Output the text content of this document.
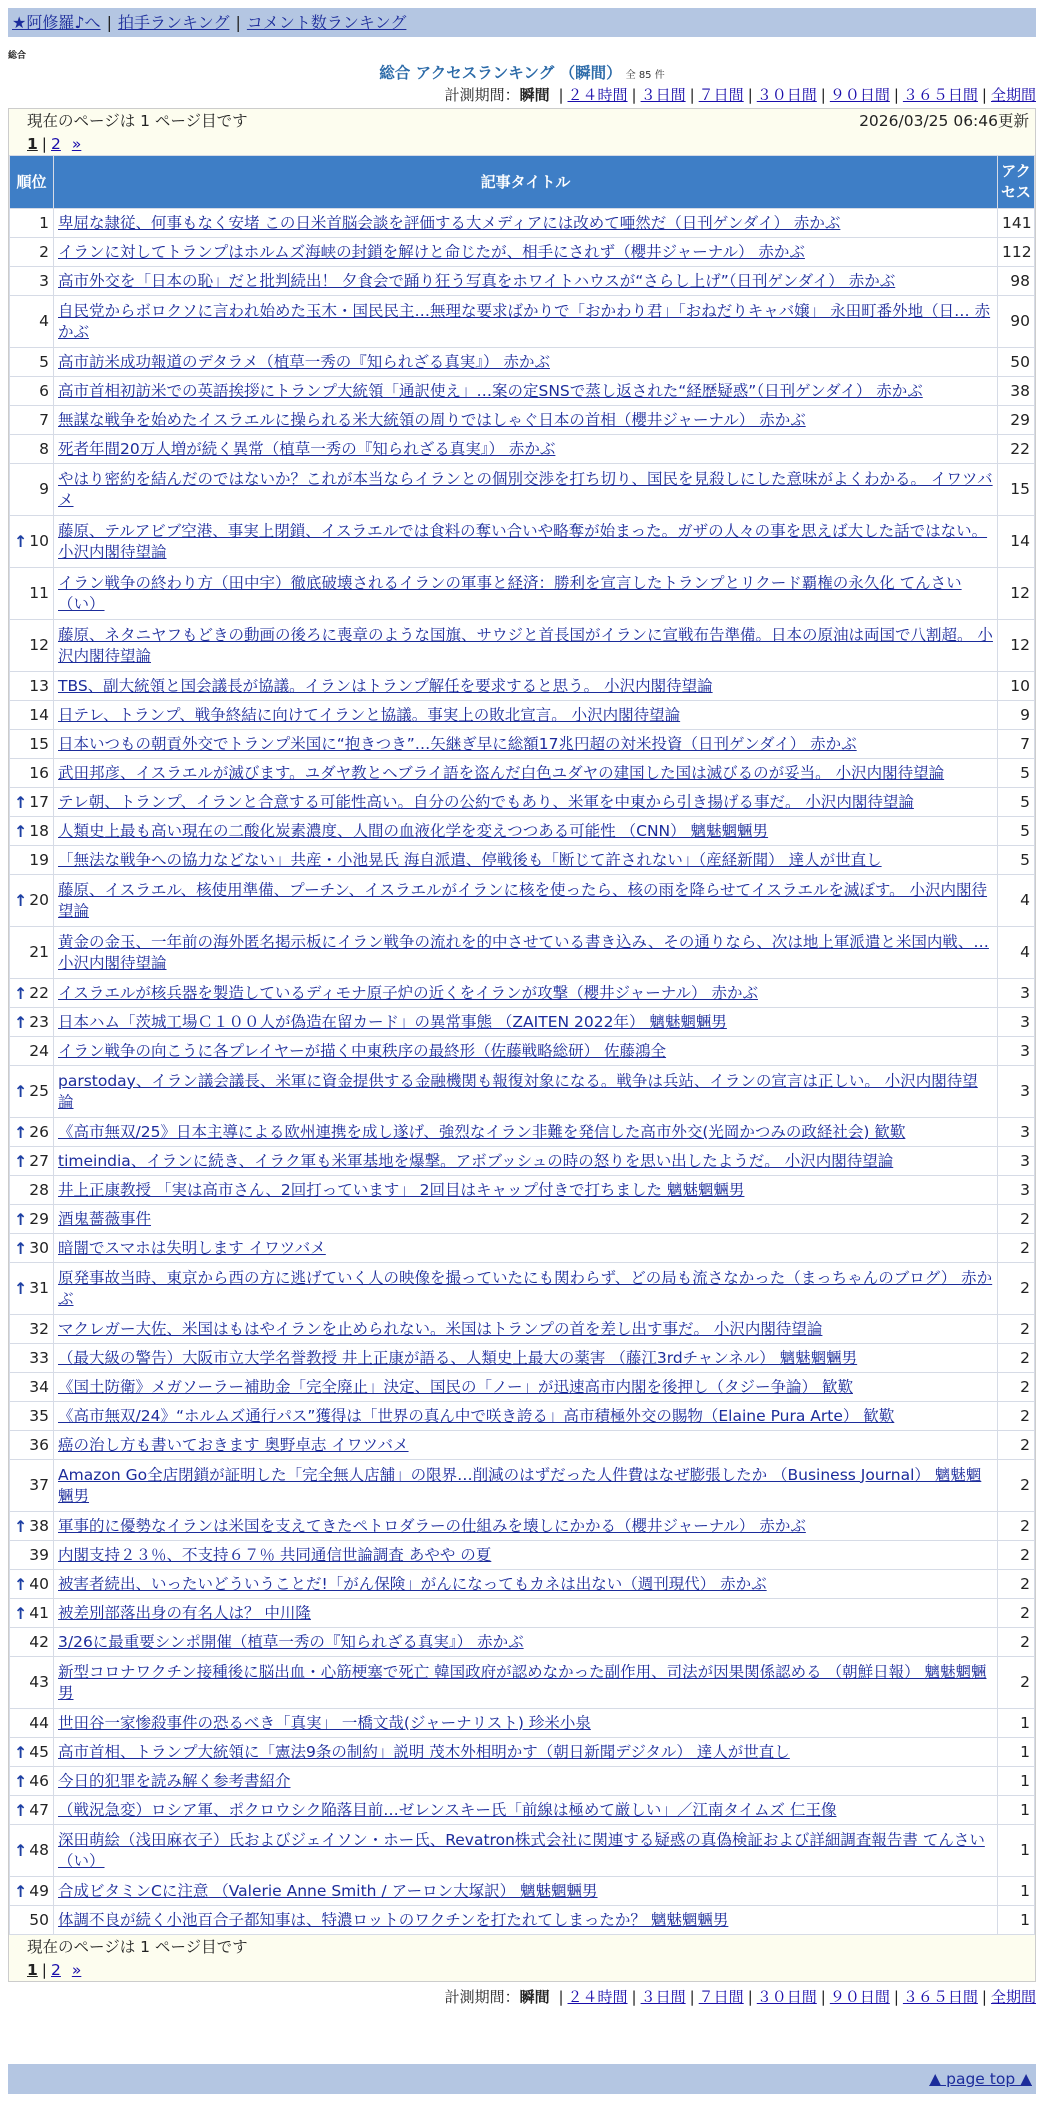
★阿修羅♪へ | 拍手ランキング | コメント数ランキング
総合
総合 アクセスランキング （瞬間） 全 85 件
計測期間：瞬間 | ２４時間 | ３日間 | ７日間 | ３０日間 | ９０日間 | ３６５日間 | 全期間
現在のページは 1 ページ目です	2026/03/25 06:46更新
1 | 2 »
順位	記事タイトル	アクセス
1	卑屈な隷従、何事もなく安堵 この日米首脳会談を評価する大メディアには改めて唖然だ（日刊ゲンダイ） 赤かぶ	141
2	イランに対してトランプはホルムズ海峡の封鎖を解けと命じたが、相手にされず（櫻井ジャーナル） 赤かぶ	112
3	高市外交を「日本の恥」だと批判続出！ 夕食会で踊り狂う写真をホワイトハウスが“さらし上げ”（日刊ゲンダイ） 赤かぶ	98
4	自民党からボロクソに言われ始めた玉木・国民民主…無理な要求ばかりで「おかわり君」「おねだりキャバ嬢」 永田町番外地（日… 赤かぶ	90
5	高市訪米成功報道のデタラメ（植草一秀の『知られざる真実』） 赤かぶ	50
6	高市首相初訪米での英語挨拶にトランプ大統領「通訳使え」…案の定SNSで蒸し返された“経歴疑惑”（日刊ゲンダイ） 赤かぶ	38
7	無謀な戦争を始めたイスラエルに操られる米大統領の周りではしゃぐ日本の首相（櫻井ジャーナル） 赤かぶ	29
8	死者年間20万人増が続く異常（植草一秀の『知られざる真実』） 赤かぶ	22
9	やはり密約を結んだのではないか？これが本当ならイランとの個別交渉を打ち切り、国民を見殺しにした意味がよくわかる。 イワツバメ	15

↑ 10	藤原、テルアビブ空港、事実上閉鎖、イスラエルでは食料の奪い合いや略奪が始まった。ガザの人々の事を思えば大した話ではない。 小沢内閣待望論	14
11	イラン戦争の終わり方（田中宇）徹底破壊されるイランの軍事と経済：勝利を宣言したトランプとリクード覇権の永久化 てんさい（い）	12
12	藤原、ネタニヤフもどきの動画の後ろに喪章のような国旗、サウジと首長国がイランに宣戦布告準備。日本の原油は両国で八割超。 小沢内閣待望論	12
13	TBS、副大統領と国会議長が協議。イランはトランプ解任を要求すると思う。 小沢内閣待望論	10
14	日テレ、トランプ、戦争終結に向けてイランと協議。事実上の敗北宣言。 小沢内閣待望論	9
15	日本いつもの朝貢外交でトランプ米国に“抱きつき”…矢継ぎ早に総額17兆円超の対米投資（日刊ゲンダイ） 赤かぶ	7
16	武田邦彦、イスラエルが滅びます。ユダヤ教とヘブライ語を盗んだ白色ユダヤの建国した国は滅びるのが妥当。 小沢内閣待望論	5

↑ 17	テレ朝、トランプ、イランと合意する可能性高い。自分の公約でもあり、米軍を中東から引き揚げる事だ。 小沢内閣待望論	5

↑ 18	人類史上最も高い現在の二酸化炭素濃度、人間の血液化学を変えつつある可能性 （CNN） 魑魅魍魎男	5
19	「無法な戦争への協力などない」共産・小池晃氏 海自派遣、停戦後も「断じて許されない」（産経新聞） 達人が世直し	5

↑ 20	藤原、イスラエル、核使用準備、プーチン、イスラエルがイランに核を使ったら、核の雨を降らせてイスラエルを滅ぼす。 小沢内閣待望論	4
21	黄金の金玉、一年前の海外匿名掲示板にイラン戦争の流れを的中させている書き込み、その通りなら、次は地上軍派遣と米国内戦、… 小沢内閣待望論	4

↑ 22	イスラエルが核兵器を製造しているディモナ原子炉の近くをイランが攻撃（櫻井ジャーナル） 赤かぶ	3

↑ 23	日本ハム「茨城工場Ｃ１００人が偽造在留カード」の異常事態 （ZAITEN 2022年） 魑魅魍魎男	3
24	イラン戦争の向こうに各プレイヤーが描く中東秩序の最終形（佐藤戦略総研） 佐藤鴻全	3

↑ 25	parstoday、イラン議会議長、米軍に資金提供する金融機関も報復対象になる。戦争は兵站、イランの宣言は正しい。 小沢内閣待望論	3

↑ 26	《高市無双/25》日本主導による欧州連携を成し遂げ、強烈なイラン非難を発信した高市外交(光岡かつみの政経社会) 歓歎	3

↑ 27	timeindia、イランに続き、イラク軍も米軍基地を爆撃。アボブッシュの時の怒りを思い出したようだ。 小沢内閣待望論	3
28	井上正康教授 「実は高市さん、2回打っています」 2回目はキャップ付きで打ちました 魑魅魍魎男	3

↑ 29	酒鬼薔薇事件	2

↑ 30	暗闇でスマホは失明します イワツバメ	2

↑ 31	原発事故当時、東京から西の方に逃げていく人の映像を撮っていたにも関わらず、どの局も流さなかった（まっちゃんのブログ） 赤かぶ	2
32	マクレガー大佐、米国はもはやイランを止められない。米国はトランプの首を差し出す事だ。 小沢内閣待望論	2
33	（最大級の警告）大阪市立大学名誉教授 井上正康が語る、人類史上最大の薬害 （藤江3rdチャンネル） 魑魅魍魎男	2
34	《国土防衛》メガソーラー補助金「完全廃止」決定、国民の「ノー」が迅速高市内閣を後押し（タジー争論） 歓歎	2
35	《高市無双/24》“ホルムズ通行パス”獲得は「世界の真ん中で咲き誇る」高市積極外交の賜物（Elaine Pura Arte） 歓歎	2
36	癌の治し方も書いておきます 奥野卓志 イワツバメ	2
37	Amazon Go全店閉鎖が証明した「完全無人店舗」の限界…削減のはずだった人件費はなぜ膨張したか （Business Journal） 魑魅魍魎男	2

↑ 38	軍事的に優勢なイランは米国を支えてきたペトロダラーの仕組みを壊しにかかる（櫻井ジャーナル） 赤かぶ	2
39	内閣支持２３％、不支持６７％ 共同通信世論調査 あやや の夏	2

↑ 40	被害者続出、いったいどういうことだ!「がん保険」がんになってもカネは出ない（週刊現代） 赤かぶ	2

↑ 41	被差別部落出身の有名人は？ 中川隆	2
42	3/26に最重要シンポ開催（植草一秀の『知られざる真実』） 赤かぶ	2
43	新型コロナワクチン接種後に脳出血・心筋梗塞で死亡 韓国政府が認めなかった副作用、司法が因果関係認める （朝鮮日報） 魑魅魍魎男	2
44	世田谷一家惨殺事件の恐るべき「真実」 一橋文哉(ジャーナリスト) 珍米小泉	1

↑ 45	高市首相、トランプ大統領に「憲法9条の制約」説明 茂木外相明かす（朝日新聞デジタル） 達人が世直し	1

↑ 46	今日的犯罪を読み解く参考書紹介	1

↑ 47	（戦況急変）ロシア軍、ポクロウシク陥落目前…ゼレンスキー氏「前線は極めて厳しい」／江南タイムズ 仁王像	1

↑ 48	深田萌絵（浅田麻衣子）氏およびジェイソン・ホー氏、Revatron株式会社に関連する疑惑の真偽検証および詳細調査報告書 てんさい（い）	1

↑ 49	合成ビタミンCに注意 （Valerie Anne Smith / アーロン大塚訳） 魑魅魍魎男	1
50	体調不良が続く小池百合子都知事は、特濃ロットのワクチンを打たれてしまったか？ 魑魅魍魎男	1
現在のページは 1 ページ目です
1 | 2 »
計測期間：瞬間 | ２４時間 | ３日間 | ７日間 | ３０日間 | ９０日間 | ３６５日間 | 全期間
▲ page top ▲
